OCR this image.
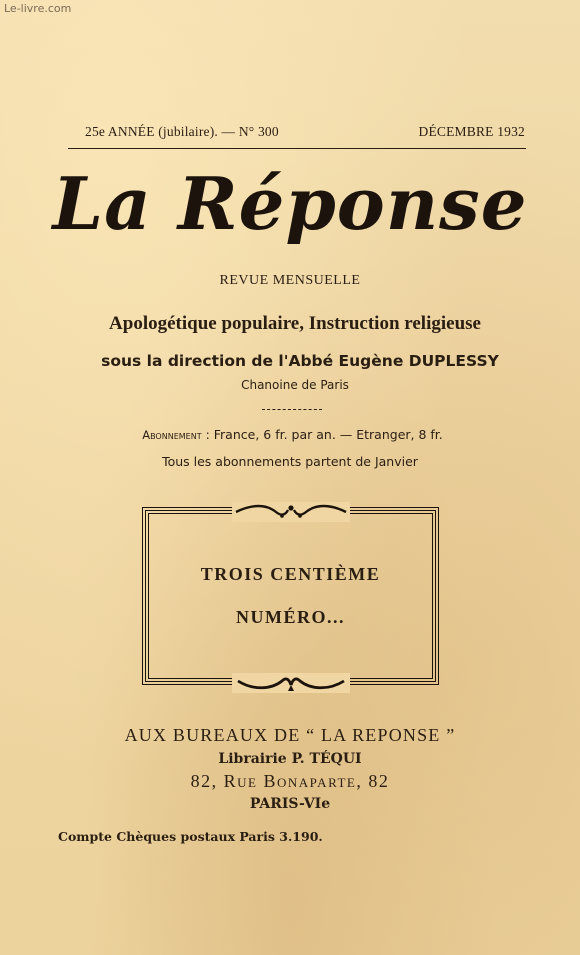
Le-livre.com
25e ANNÉE (jubilaire). — N° 300	DÉCEMBRE 1932
La Réponse
REVUE MENSUELLE
Apologétique populaire, Instruction religieuse
sous la direction de l'Abbé Eugène DUPLESSY
Chanoine de Paris
Abonnement : France, 6 fr. par an. — Etranger, 8 fr.
Tous les abonnements partent de Janvier
TROIS CENTIÈME
NUMÉRO...
AUX BUREAUX DE “ LA REPONSE ”
Librairie P. TÉQUI
82, Rue Bonaparte, 82
PARIS-VIe
Compte Chèques postaux Paris 3.190.
